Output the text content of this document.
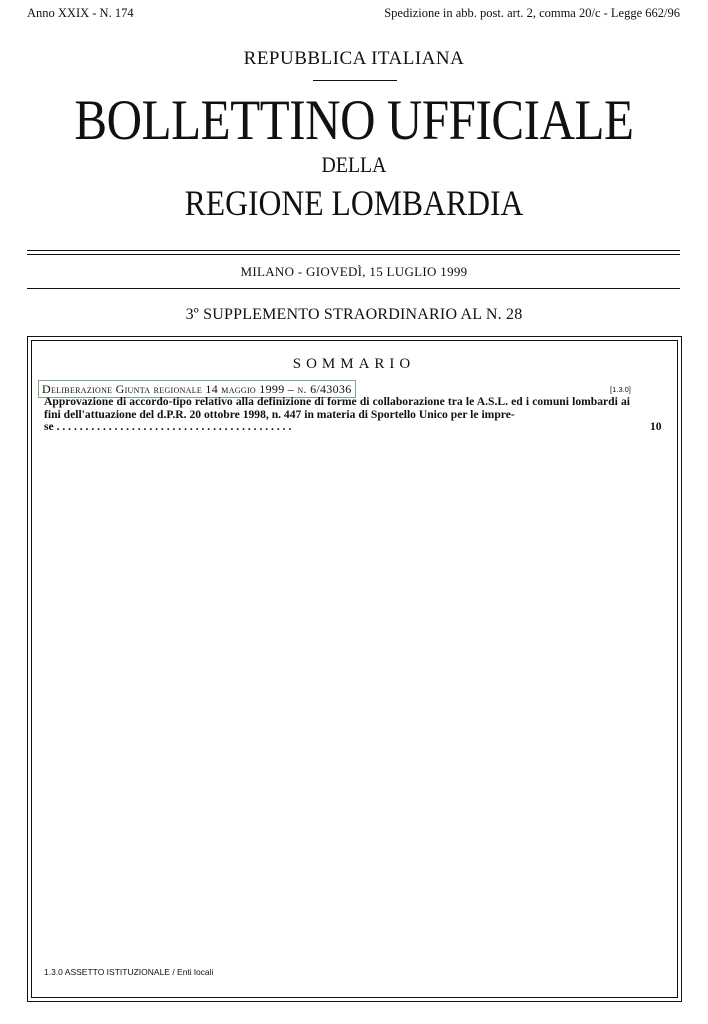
Anno XXIX - N. 174	Spedizione in abb. post. art. 2, comma 20/c - Legge 662/96
REPUBBLICA ITALIANA
BOLLETTINO UFFICIALE
DELLA
REGIONE LOMBARDIA
MILANO - GIOVEDÌ, 15 LUGLIO 1999
3º SUPPLEMENTO STRAORDINARIO AL N. 28
SOMMARIO
Deliberazione Giunta regionale 14 maggio 1999 – n. 6/43036	[1.3.0]
Approvazione di accordo-tipo relativo alla definizione di forme di collaborazione tra le A.S.L. ed i comuni lombardi ai fini dell'attuazione del d.P.R. 20 ottobre 1998, n. 447 in materia di Sportello Unico per le impre-
se . . . . . . . . . . . . . . . . . . . . . . . . . . . . . . . . . . . . . . . . .	10
1.3.0 ASSETTO ISTITUZIONALE / Enti locali
